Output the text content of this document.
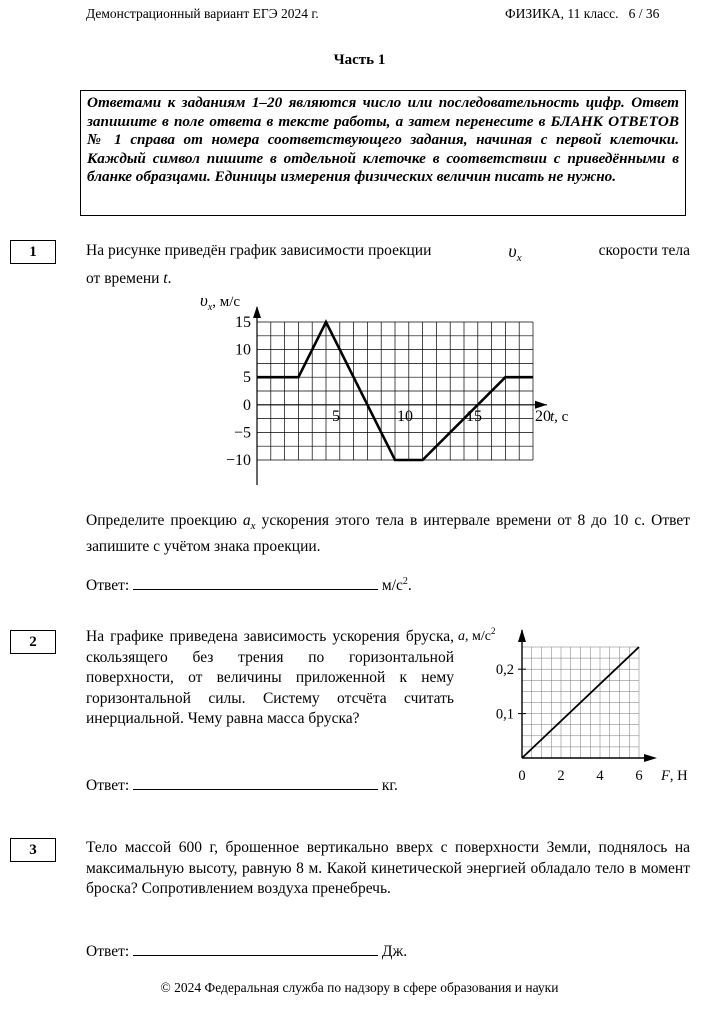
Демонстрационный вариант ЕГЭ 2024 г.	ФИЗИКА, 11 класс.   6 / 36
Часть 1
Ответами к заданиям 1–20 являются число или последовательность цифр. Ответ запишите в поле ответа в тексте работы, а затем перенесите в БЛАНК ОТВЕТОВ № 1 справа от номера соответствующего задания, начиная с первой клеточки. Каждый символ пишите в отдельной клеточке в соответствии с приведёнными в бланке образцами. Единицы измерения физических величин писать не нужно.
1	На рисунке приведён график зависимости проекции	$\upsilon_x$	скорости тела
от времени t.
15
10
5
0
−5
−10
5	10	15	20
$\upsilon_x$, м/с
t, с
Определите проекцию $a_x$ ускорения этого тела в интервале времени от 8 до 10 с. Ответ запишите с учётом знака проекции.
Ответ:	$м/с^2$.
2	На графике приведена зависимость ускорения бруска, скользящего без трения по горизонтальной поверхности, от величины приложенной к нему горизонтальной силы. Систему отсчёта считать инерциальной. Чему равна масса бруска?
0,2
0,1
0 2 4 6
a, $м/с^2$
F, Н
Ответ:	кг.
3	Тело массой 600 г, брошенное вертикально вверх с поверхности Земли, поднялось на максимальную высоту, равную 8 м. Какой кинетической энергией обладало тело в момент броска? Сопротивлением воздуха пренебречь.
Ответ:	Дж.
© 2024 Федеральная служба по надзору в сфере образования и науки
